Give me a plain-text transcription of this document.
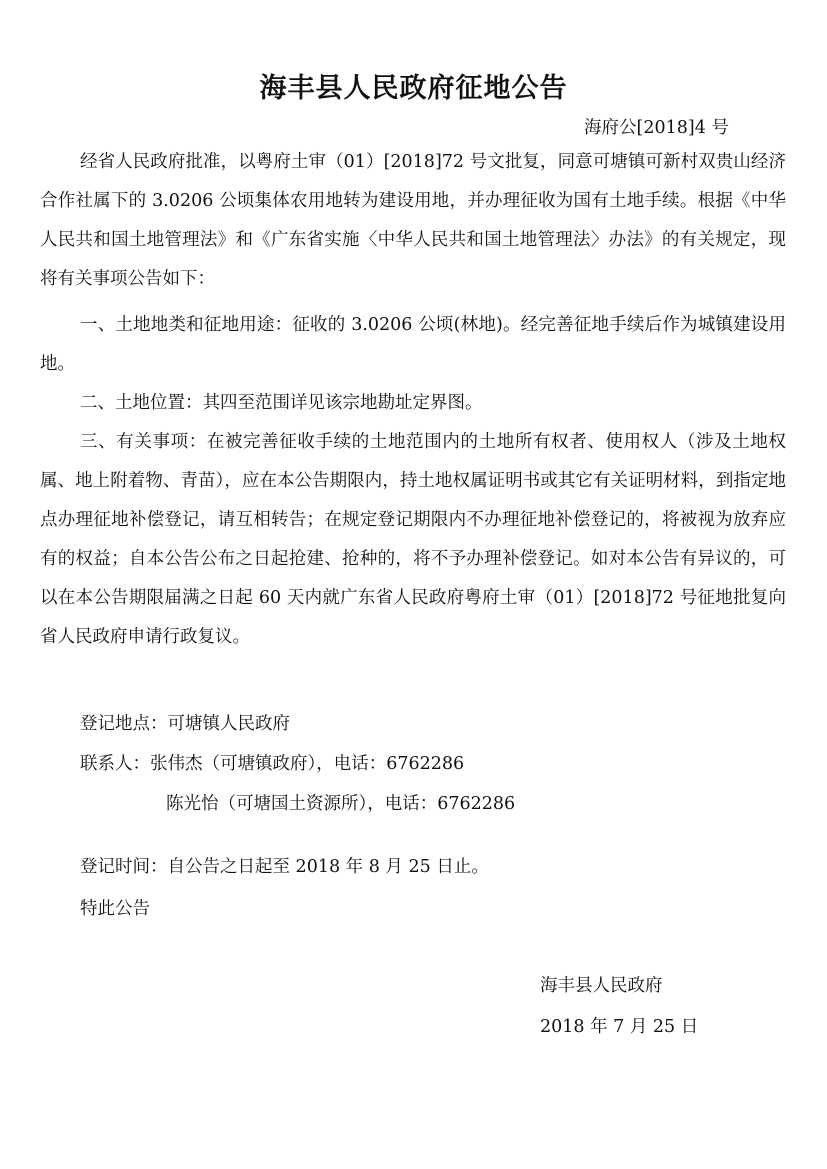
海丰县人民政府征地公告
海府公[2018]4 号
经省人民政府批准，以粤府土审（01）[2018]72 号文批复，同意可塘镇可新村双贵山经济合作社属下的 3.0206 公顷集体农用地转为建设用地，并办理征收为国有土地手续。根据《中华人民共和国土地管理法》和《广东省实施〈中华人民共和国土地管理法〉办法》的有关规定，现将有关事项公告如下：
一、土地地类和征地用途：征收的 3.0206 公顷(林地)。经完善征地手续后作为城镇建设用地。
二、土地位置：其四至范围详见该宗地勘址定界图。
三、有关事项：在被完善征收手续的土地范围内的土地所有权者、使用权人（涉及土地权属、地上附着物、青苗），应在本公告期限内，持土地权属证明书或其它有关证明材料，到指定地点办理征地补偿登记，请互相转告；在规定登记期限内不办理征地补偿登记的，将被视为放弃应有的权益；自本公告公布之日起抢建、抢种的，将不予办理补偿登记。如对本公告有异议的，可以在本公告期限届满之日起 60 天内就广东省人民政府粤府土审（01）[2018]72 号征地批复向省人民政府申请行政复议。
登记地点：可塘镇人民政府
联系人：张伟杰（可塘镇政府），电话：6762286
陈光怡（可塘国土资源所），电话：6762286
登记时间：自公告之日起至 2018 年 8 月 25 日止。
特此公告
海丰县人民政府
2018 年 7 月 25 日
